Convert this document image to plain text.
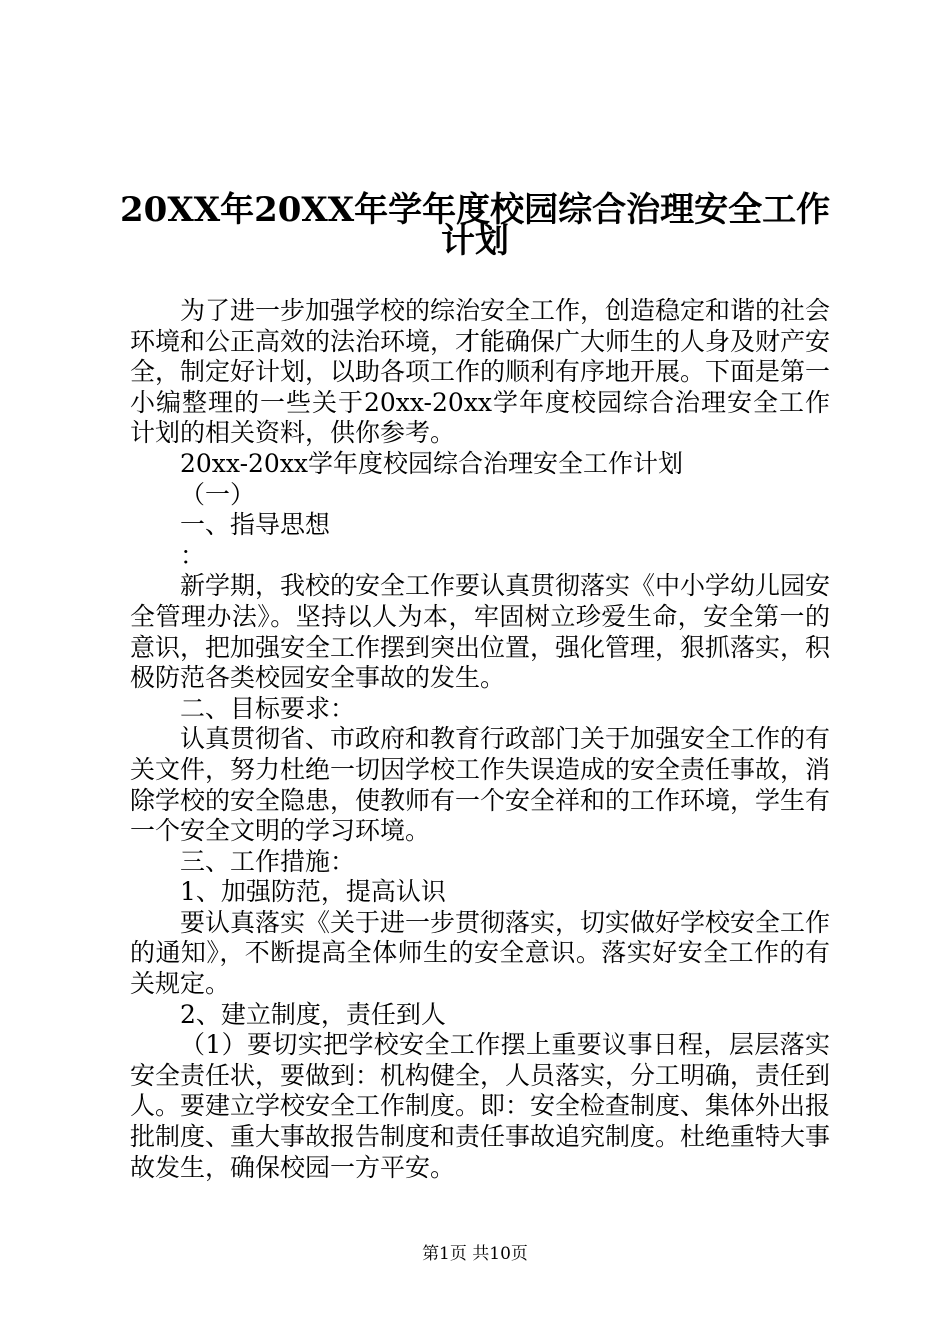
20XX年20XX年学年度校园综合治理安全工作
计划

为了进一步加强学校的综治安全工作，创造稳定和谐的社会环境和公正高效的法治环境，才能确保广大师生的人身及财产安全，制定好计划，以助各项工作的顺利有序地开展。下面是第一小编整理的一些关于20xx-20xx学年度校园综合治理安全工作计划的相关资料，供你参考。

20xx-20xx学年度校园综合治理安全工作计划

（一）

一、指导思想

：

新学期，我校的安全工作要认真贯彻落实《中小学幼儿园安全管理办法》。坚持以人为本，牢固树立珍爱生命，安全第一的意识，把加强安全工作摆到突出位置，强化管理，狠抓落实，积极防范各类校园安全事故的发生。

二、目标要求：

认真贯彻省、市政府和教育行政部门关于加强安全工作的有关文件，努力杜绝一切因学校工作失误造成的安全责任事故，消除学校的安全隐患，使教师有一个安全祥和的工作环境，学生有一个安全文明的学习环境。

三、工作措施：

1、加强防范，提高认识

要认真落实《关于进一步贯彻落实，切实做好学校安全工作的通知》，不断提高全体师生的安全意识。落实好安全工作的有关规定。

2、建立制度，责任到人

（1）要切实把学校安全工作摆上重要议事日程，层层落实安全责任状，要做到：机构健全，人员落实，分工明确，责任到人。要建立学校安全工作制度。即：安全检查制度、集体外出报批制度、重大事故报告制度和责任事故追究制度。杜绝重特大事故发生，确保校园一方平安。

第1页 共10页
